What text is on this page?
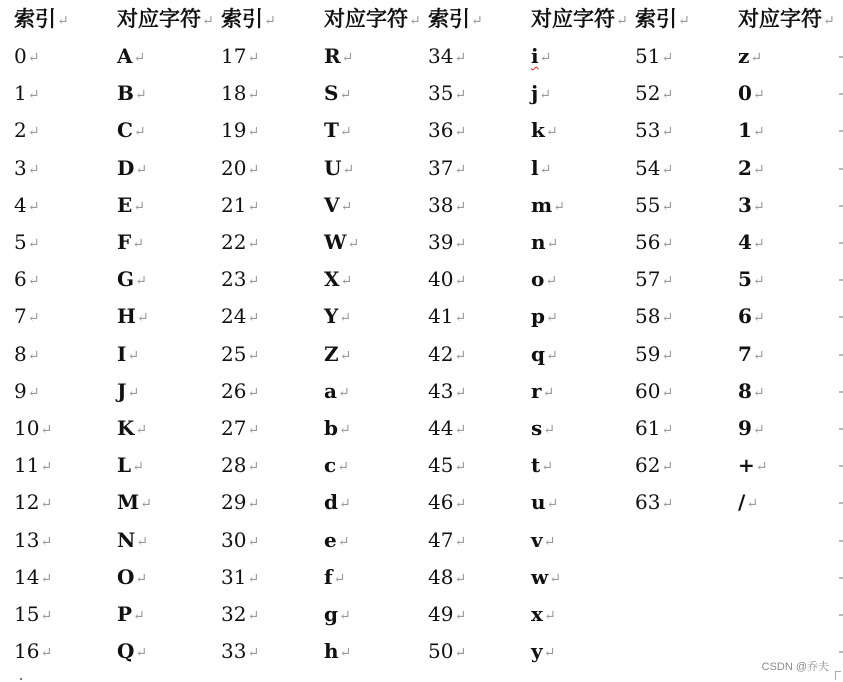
索引↵ 对应字符↵ 索引↵ 对应字符↵ 索引↵ 对应字符↵ 索引↵ 对应字符↵
0↵	A↵	17↵	R↵	34↵	i↵	51↵	z↵
1↵	B↵	18↵	S↵	35↵	j↵	52↵	0↵
2↵	C↵	19↵	T↵	36↵	k↵	53↵	1↵
3↵	D↵	20↵	U↵	37↵	l↵	54↵	2↵
4↵	E↵	21↵	V↵	38↵	m↵	55↵	3↵
5↵	F↵	22↵	W↵	39↵	n↵	56↵	4↵
6↵	G↵	23↵	X↵	40↵	o↵	57↵	5↵
7↵	H↵	24↵	Y↵	41↵	p↵	58↵	6↵
8↵	I↵	25↵	Z↵	42↵	q↵	59↵	7↵
9↵	J↵	26↵	a↵	43↵	r↵	60↵	8↵
10↵	K↵	27↵	b↵	44↵	s↵	61↵	9↵
11↵	L↵	28↵	c↵	45↵	t↵	62↵	+↵
12↵	M↵	29↵	d↵	46↵	u↵	63↵	/↵
13↵	N↵	30↵	e↵	47↵	v↵
14↵	O↵	31↵	f↵	48↵	w↵
15↵	P↵	32↵	g↵	49↵	x↵
16↵	Q↵	33↵	h↵	50↵	y↵
CSDN @乔夫
